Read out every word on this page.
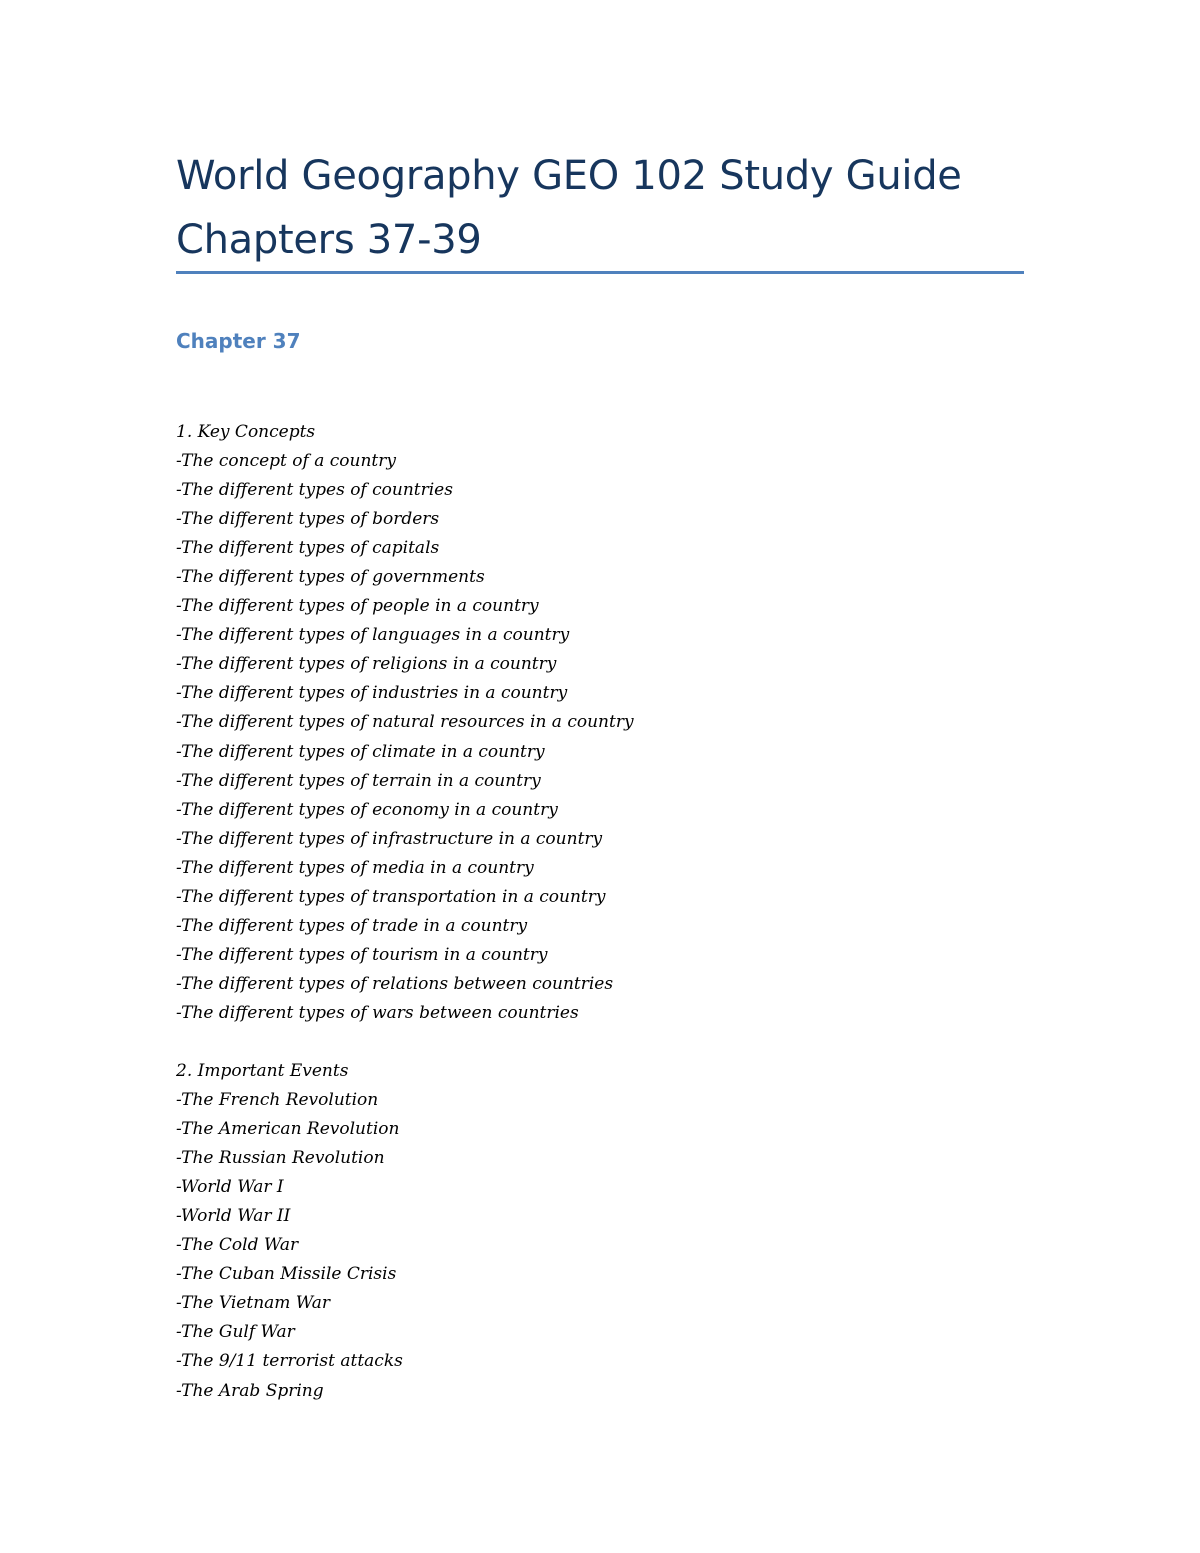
World Geography GEO 102 Study Guide
Chapters 37-39
Chapter 37
1. Key Concepts
-The concept of a country
-The different types of countries
-The different types of borders
-The different types of capitals
-The different types of governments
-The different types of people in a country
-The different types of languages in a country
-The different types of religions in a country
-The different types of industries in a country
-The different types of natural resources in a country
-The different types of climate in a country
-The different types of terrain in a country
-The different types of economy in a country
-The different types of infrastructure in a country
-The different types of media in a country
-The different types of transportation in a country
-The different types of trade in a country
-The different types of tourism in a country
-The different types of relations between countries
-The different types of wars between countries
2. Important Events
-The French Revolution
-The American Revolution
-The Russian Revolution
-World War I
-World War II
-The Cold War
-The Cuban Missile Crisis
-The Vietnam War
-The Gulf War
-The 9/11 terrorist attacks
-The Arab Spring
